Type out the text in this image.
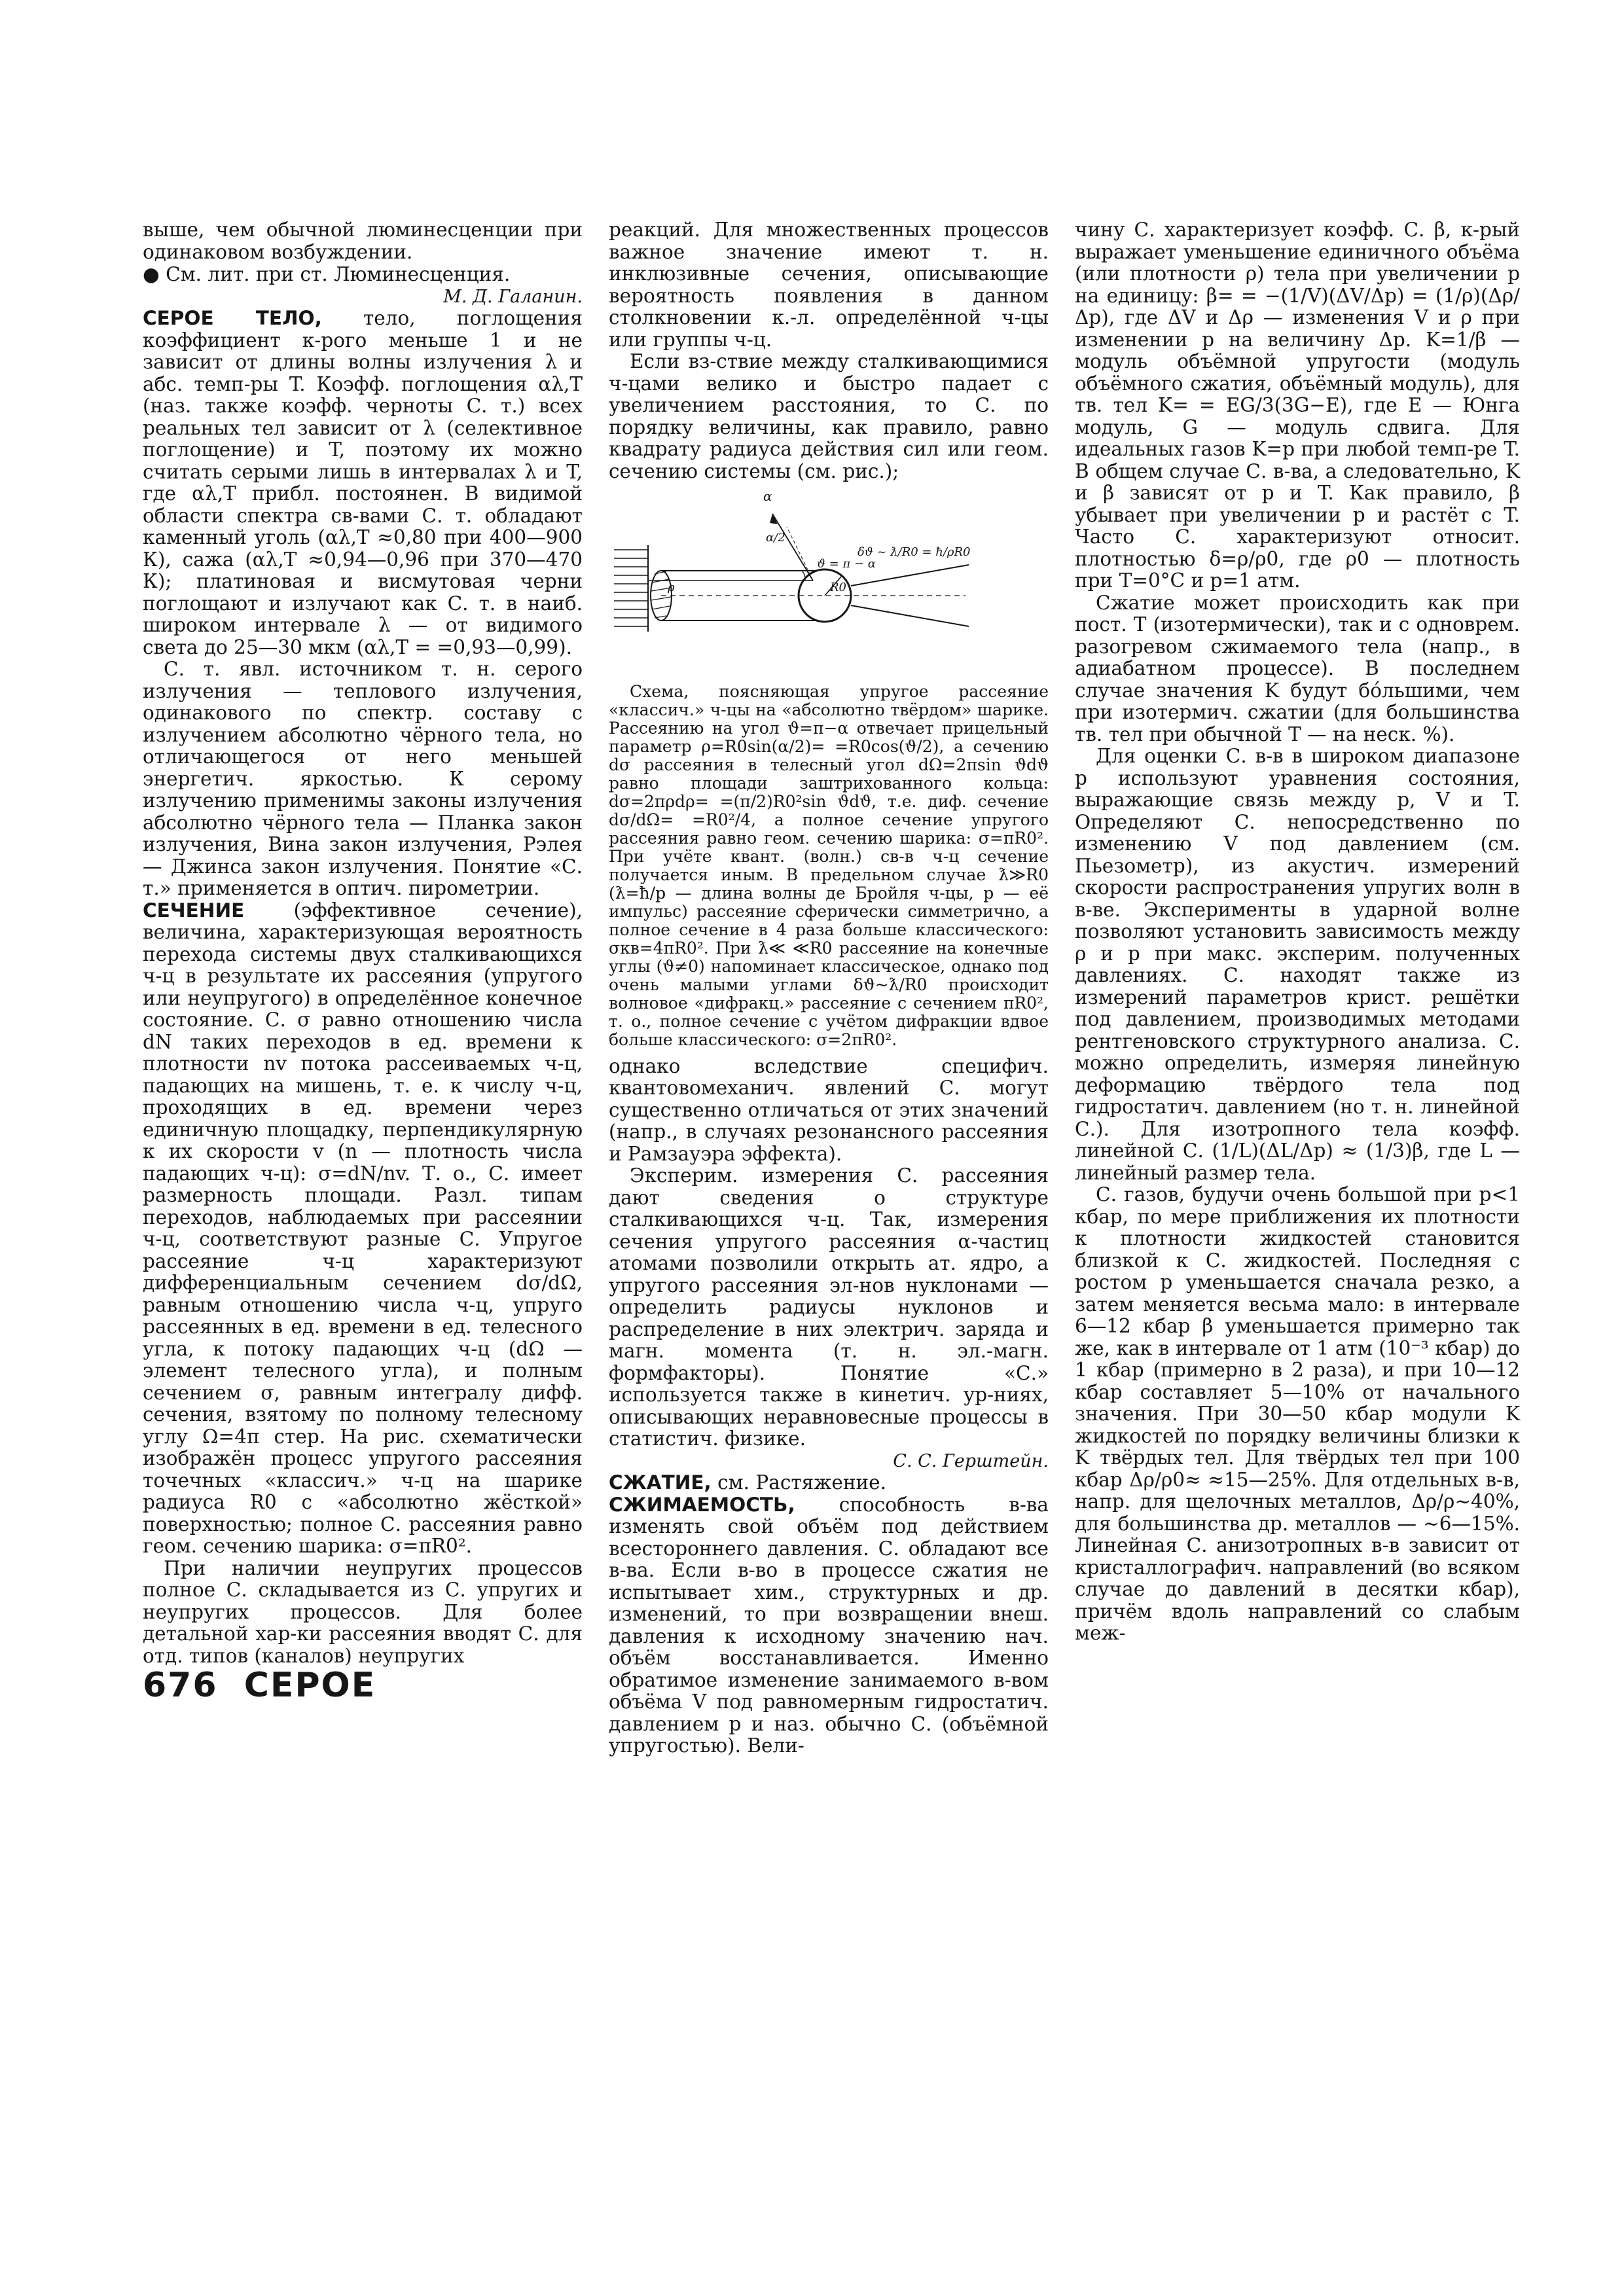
выше, чем обычной люминесценции при одинаковом возбуждении.

● См. лит. при ст. Люминесценция.

М. Д. Галанин.

СЕРОЕ ТЕЛО, тело, поглощения коэффициент к-рого меньше 1 и не зависит от длины волны излучения λ и абс. темп-ры T. Коэфф. поглощения αλ,T (наз. также коэфф. черноты С. т.) всех реальных тел зависит от λ (селективное поглощение) и T, поэтому их можно считать серыми лишь в интервалах λ и T, где αλ,T прибл. постоянен. В видимой области спектра св-вами С. т. обладают каменный уголь (αλ,T ≈0,80 при 400—900 К), сажа (αλ,T ≈0,94—0,96 при 370—470 К); платиновая и висмутовая черни поглощают и излучают как С. т. в наиб. широком интервале λ — от видимого света до 25—30 мкм (αλ,T = =0,93—0,99).

С. т. явл. источником т. н. серого излучения — теплового излучения, одинакового по спектр. составу с излучением абсолютно чёрного тела, но отличающегося от него меньшей энергетич. яркостью. К серому излучению применимы законы излучения абсолютно чёрного тела — Планка закон излучения, Вина закон излучения, Рэлея — Джинса закон излучения. Понятие «С. т.» применяется в оптич. пирометрии.

СЕЧЕНИЕ	(эффективное сечение), величина, характеризующая вероятность перехода системы двух сталкивающихся ч-ц в результате их рассеяния (упругого или неупругого) в определённое конечное состояние. С. σ равно отношению числа dN таких переходов в ед. времени к плотности nv потока рассеиваемых ч-ц, падающих на мишень, т. е. к числу ч-ц, проходящих в ед. времени через единичную площадку, перпендикулярную к их скорости v (n — плотность числа падающих ч-ц): σ=dN/nv. Т. о., С. имеет размерность площади. Разл. типам переходов, наблюдаемых при рассеянии ч-ц, соответствуют разные С. Упругое рассеяние ч-ц характеризуют дифференциальным сечением dσ/dΩ, равным отношению числа ч-ц, упруго рассеянных в ед. времени в ед. телесного угла, к потоку падающих ч-ц (dΩ — элемент телесного угла), и полным сечением σ, равным интегралу дифф. сечения, взятому по полному телесному углу Ω=4π стер. На рис. схематически изображён процесс упругого рассеяния точечных «классич.» ч-ц на шарике радиуса R0 с «абсолютно жёсткой» поверхностью; полное С. рассеяния равно геом. сечению шарика: σ=πR0².

При наличии неупругих процессов полное С. складывается из С. упругих и неупругих процессов. Для более детальной хар-ки рассеяния вводят С. для отд. типов (каналов) неупругих

реакций. Для множественных процессов важное значение имеют т. н. инклюзивные сечения, описывающие вероятность появления в данном столкновении к.-л. определённой ч-цы или группы ч-ц.

Если вз-ствие между сталкивающимися ч-цами велико и быстро падает с увеличением расстояния, то С. по порядку величины, как правило, равно квадрату радиуса действия сил или геом. сечению системы (см. рис.);

α
α/2
ϑ = π − α
δϑ ~ ƛ/R0 = ħ/ρR0
ρ	R0

Схема, поясняющая упругое рассеяние «классич.» ч-цы на «абсолютно твёрдом» шарике. Рассеянию на угол ϑ=π−α отвечает прицельный параметр ρ=R0sin(α/2)= =R0cos(ϑ/2), а сечению dσ рассеяния в телесный угол dΩ=2πsin ϑdϑ равно площади заштрихованного кольца: dσ=2πρdρ= =(π/2)R0²sin ϑdϑ, т.е. диф. сечение dσ/dΩ= =R0²/4, а полное сечение упругого рассеяния равно геом. сечению шарика: σ=πR0². При учёте квант. (волн.) св-в ч-ц сечение получается иным. В предельном случае ƛ≫R0 (ƛ=ħ/p — длина волны де Бройля ч-цы, p — её импульс) рассеяние сферически симметрично, а полное сечение в 4 раза больше классического: σкв=4πR0². При ƛ≪ ≪R0 рассеяние на конечные углы (ϑ≠0) напоминает классическое, однако под очень малыми углами δϑ~ƛ/R0 происходит волновое «дифракц.» рассеяние с сечением πR0², т. о., полное сечение с учётом дифракции вдвое больше классического: σ=2πR0².

однако вследствие специфич. квантовомеханич. явлений С. могут существенно отличаться от этих значений (напр., в случаях резонансного рассеяния и Рамзауэра эффекта).

Эксперим. измерения С. рассеяния дают сведения о структуре сталкивающихся ч-ц. Так, измерения сечения упругого рассеяния α-частиц атомами позволили открыть ат. ядро, а упругого рассеяния эл-нов нуклонами — определить радиусы нуклонов и распределение в них электрич. заряда и магн. момента (т. н. эл.-магн. формфакторы). Понятие «С.» используется также в кинетич. ур-ниях, описывающих неравновесные процессы в статистич. физике.

С. С. Герштейн.

СЖАТИЕ, см. Растяжение.

СЖИМАЕМОСТЬ, способность в-ва изменять свой объём под действием всестороннего давления. С. обладают все в-ва. Если в-во в процессе сжатия не испытывает хим., структурных и др. изменений, то при возвращении внеш. давления к исходному значению нач. объём восстанавливается. Именно обратимое изменение занимаемого в-вом объёма V под равномерным гидростатич. давлением p и наз. обычно С. (объёмной упругостью). Вели-

чину С. характеризует коэфф. С. β, к-рый выражает уменьшение единичного объёма (или плотности ρ) тела при увеличении p на единицу: β= = −(1/V)(ΔV/Δp) = (1/ρ)(Δρ/Δp), где ΔV и Δρ — изменения V и ρ при изменении p на величину Δp. K=1/β — модуль объёмной упругости (модуль объёмного сжатия, объёмный модуль), для тв. тел K= = EG/3(3G−E), где E — Юнга модуль, G — модуль сдвига. Для идеальных газов K=p при любой темп-ре T. В общем случае С. в-ва, а следовательно, K и β зависят от p и T. Как правило, β убывает при увеличении p и растёт с T. Часто С. характеризуют относит. плотностью δ=ρ/ρ0, где ρ0 — плотность при T=0°C и p=1 атм.

Сжатие может происходить как при пост. T (изотермически), так и с одноврем. разогревом сжимаемого тела (напр., в адиабатном процессе). В последнем случае значения K будут бо́льшими, чем при изотермич. сжатии (для большинства тв. тел при обычной T — на неск. %).

Для оценки С. в-в в широком диапазоне p используют уравнения состояния, выражающие связь между p, V и T. Определяют С. непосредственно по изменению V под давлением (см. Пьезометр), из акустич. измерений скорости распространения упругих волн в в-ве. Эксперименты в ударной волне позволяют установить зависимость между ρ и p при макс. эксперим. полученных давлениях. С. находят также из измерений параметров крист. решётки под давлением, производимых методами рентгеновского структурного анализа. С. можно определить, измеряя линейную деформацию твёрдого тела под гидростатич. давлением (но т. н. линейной С.). Для изотропного тела коэфф. линейной С. (1/L)(ΔL/Δp) ≈ (1/3)β, где L — линейный размер тела.

С. газов, будучи очень большой при p<1 кбар, по мере приближения их плотности к плотности жидкостей становится близкой к С. жидкостей. Последняя с ростом p уменьшается сначала резко, а затем меняется весьма мало: в интервале 6—12 кбар β уменьшается примерно так же, как в интервале от 1 атм (10⁻³ кбар) до 1 кбар (примерно в 2 раза), и при 10—12 кбар составляет 5—10% от начального значения. При 30—50 кбар модули K жидкостей по порядку величины близки к K твёрдых тел. Для твёрдых тел при 100 кбар Δρ/ρ0≈ ≈15—25%. Для отдельных в-в, напр. для щелочных металлов, Δρ/ρ~40%, для большинства др. металлов — ~6—15%. Линейная С. анизотропных в-в зависит от кристаллографич. направлений (во всяком случае до давлений в десятки кбар), причём вдоль направлений со слабым меж-

676 СЕРОЕ
